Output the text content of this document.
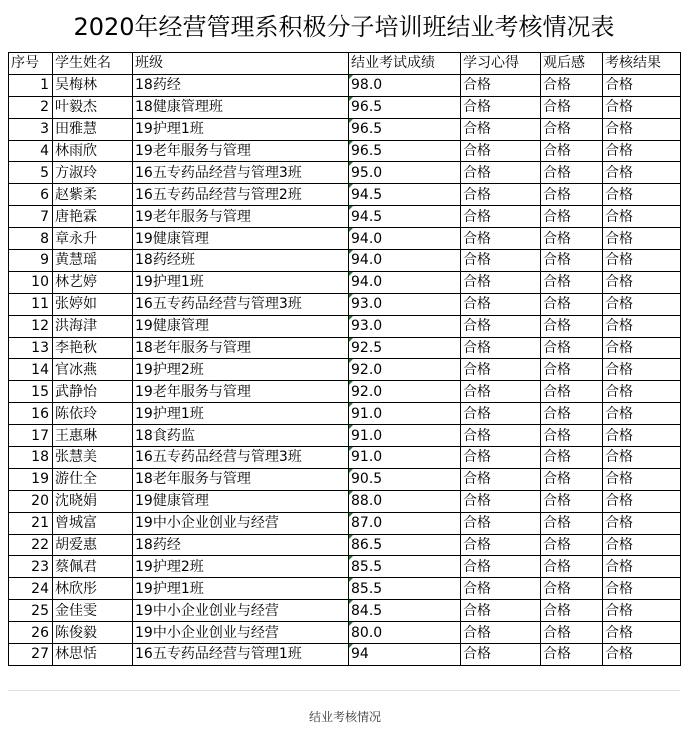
2020年经营管理系积极分子培训班结业考核情况表
序号	学生姓名	班级	结业考试成绩	学习心得	观后感	考核结果
1	吴梅林	18药经	98.0	合格	合格	合格
2	叶毅杰	18健康管理班	96.5	合格	合格	合格
3	田雅慧	19护理1班	96.5	合格	合格	合格
4	林雨欣	19老年服务与管理	96.5	合格	合格	合格
5	方淑玲	16五专药品经营与管理3班	95.0	合格	合格	合格
6	赵紫柔	16五专药品经营与管理2班	94.5	合格	合格	合格
7	唐艳霖	19老年服务与管理	94.5	合格	合格	合格
8	章永升	19健康管理	94.0	合格	合格	合格
9	黄慧瑶	18药经班	94.0	合格	合格	合格
10	林艺婷	19护理1班	94.0	合格	合格	合格
11	张婷如	16五专药品经营与管理3班	93.0	合格	合格	合格
12	洪海津	19健康管理	93.0	合格	合格	合格
13	李艳秋	18老年服务与管理	92.5	合格	合格	合格
14	官冰燕	19护理2班	92.0	合格	合格	合格
15	武静怡	19老年服务与管理	92.0	合格	合格	合格
16	陈依玲	19护理1班	91.0	合格	合格	合格
17	王惠琳	18食药监	91.0	合格	合格	合格
18	张慧美	16五专药品经营与管理3班	91.0	合格	合格	合格
19	游仕全	18老年服务与管理	90.5	合格	合格	合格
20	沈晓娟	19健康管理	88.0	合格	合格	合格
21	曾城富	19中小企业创业与经营	87.0	合格	合格	合格
22	胡爱惠	18药经	86.5	合格	合格	合格
23	蔡佩君	19护理2班	85.5	合格	合格	合格
24	林欣彤	19护理1班	85.5	合格	合格	合格
25	金佳雯	19中小企业创业与经营	84.5	合格	合格	合格
26	陈俊毅	19中小企业创业与经营	80.0	合格	合格	合格
27	林思恬	16五专药品经营与管理1班	94	合格	合格	合格
结业考核情况
